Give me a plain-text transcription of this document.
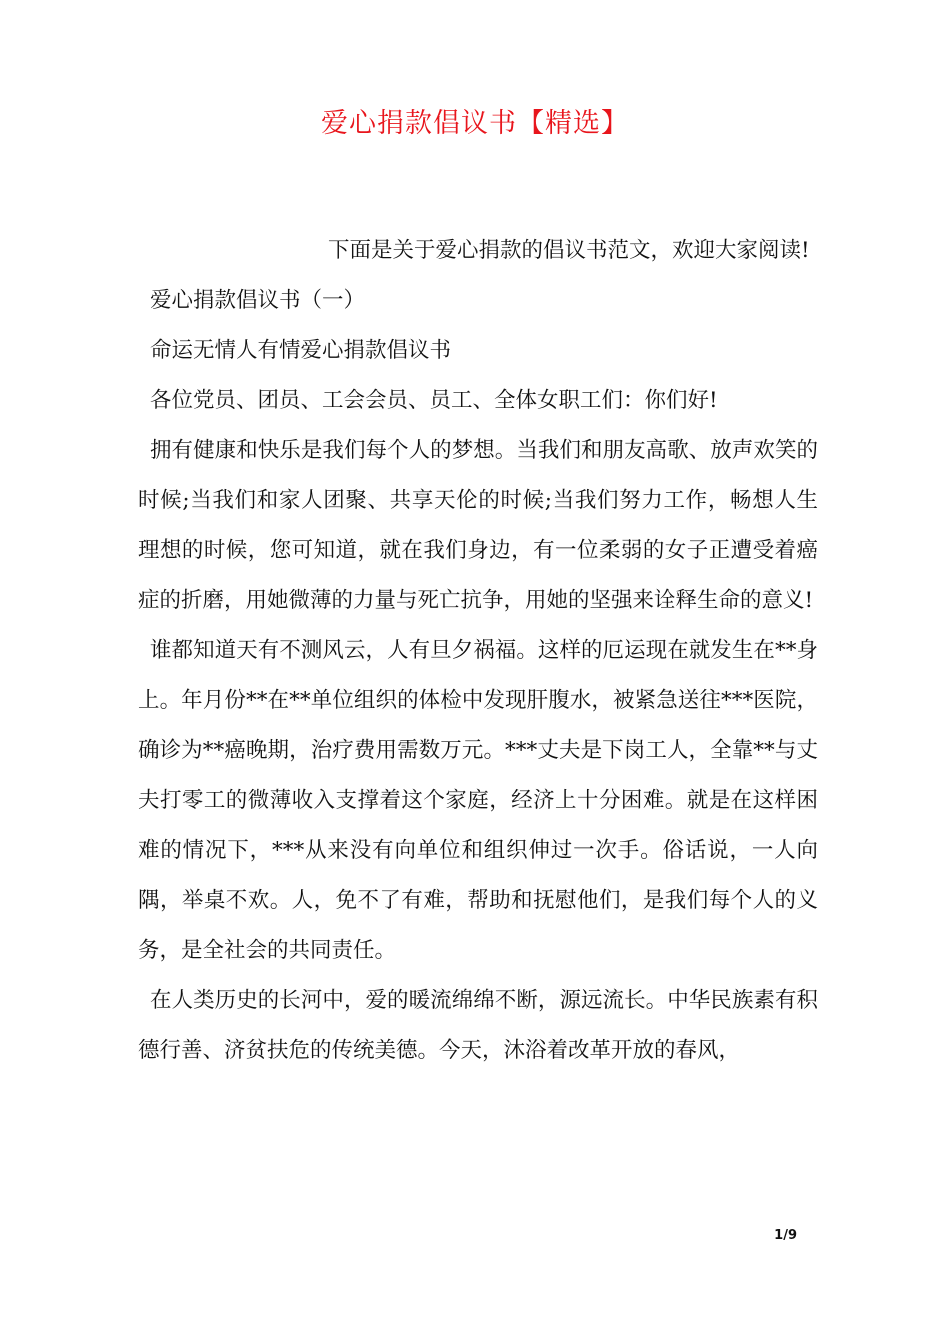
爱心捐款倡议书【精选】

下面是关于爱心捐款的倡议书范文，欢迎大家阅读!

爱心捐款倡议书（一）

命运无情人有情爱心捐款倡议书

各位党员、团员、工会会员、员工、全体女职工们：你们好!

拥有健康和快乐是我们每个人的梦想。当我们和朋友高歌、放声欢笑的时候;当我们和家人团聚、共享天伦的时候;当我们努力工作，畅想人生理想的时候，您可知道，就在我们身边，有一位柔弱的女子正遭受着癌症的折磨，用她微薄的力量与死亡抗争，用她的坚强来诠释生命的意义!

谁都知道天有不测风云，人有旦夕祸福。这样的厄运现在就发生在**身上。年月份**在**单位组织的体检中发现肝腹水，被紧急送往***医院，确诊为**癌晚期，治疗费用需数万元。***丈夫是下岗工人，全靠**与丈夫打零工的微薄收入支撑着这个家庭，经济上十分困难。就是在这样困难的情况下，***从来没有向单位和组织伸过一次手。俗话说，一人向隅，举桌不欢。人，免不了有难，帮助和抚慰他们，是我们每个人的义务，是全社会的共同责任。

在人类历史的长河中，爱的暖流绵绵不断，源远流长。中华民族素有积德行善、济贫扶危的传统美德。今天，沐浴着改革开放的春风，

1/9
